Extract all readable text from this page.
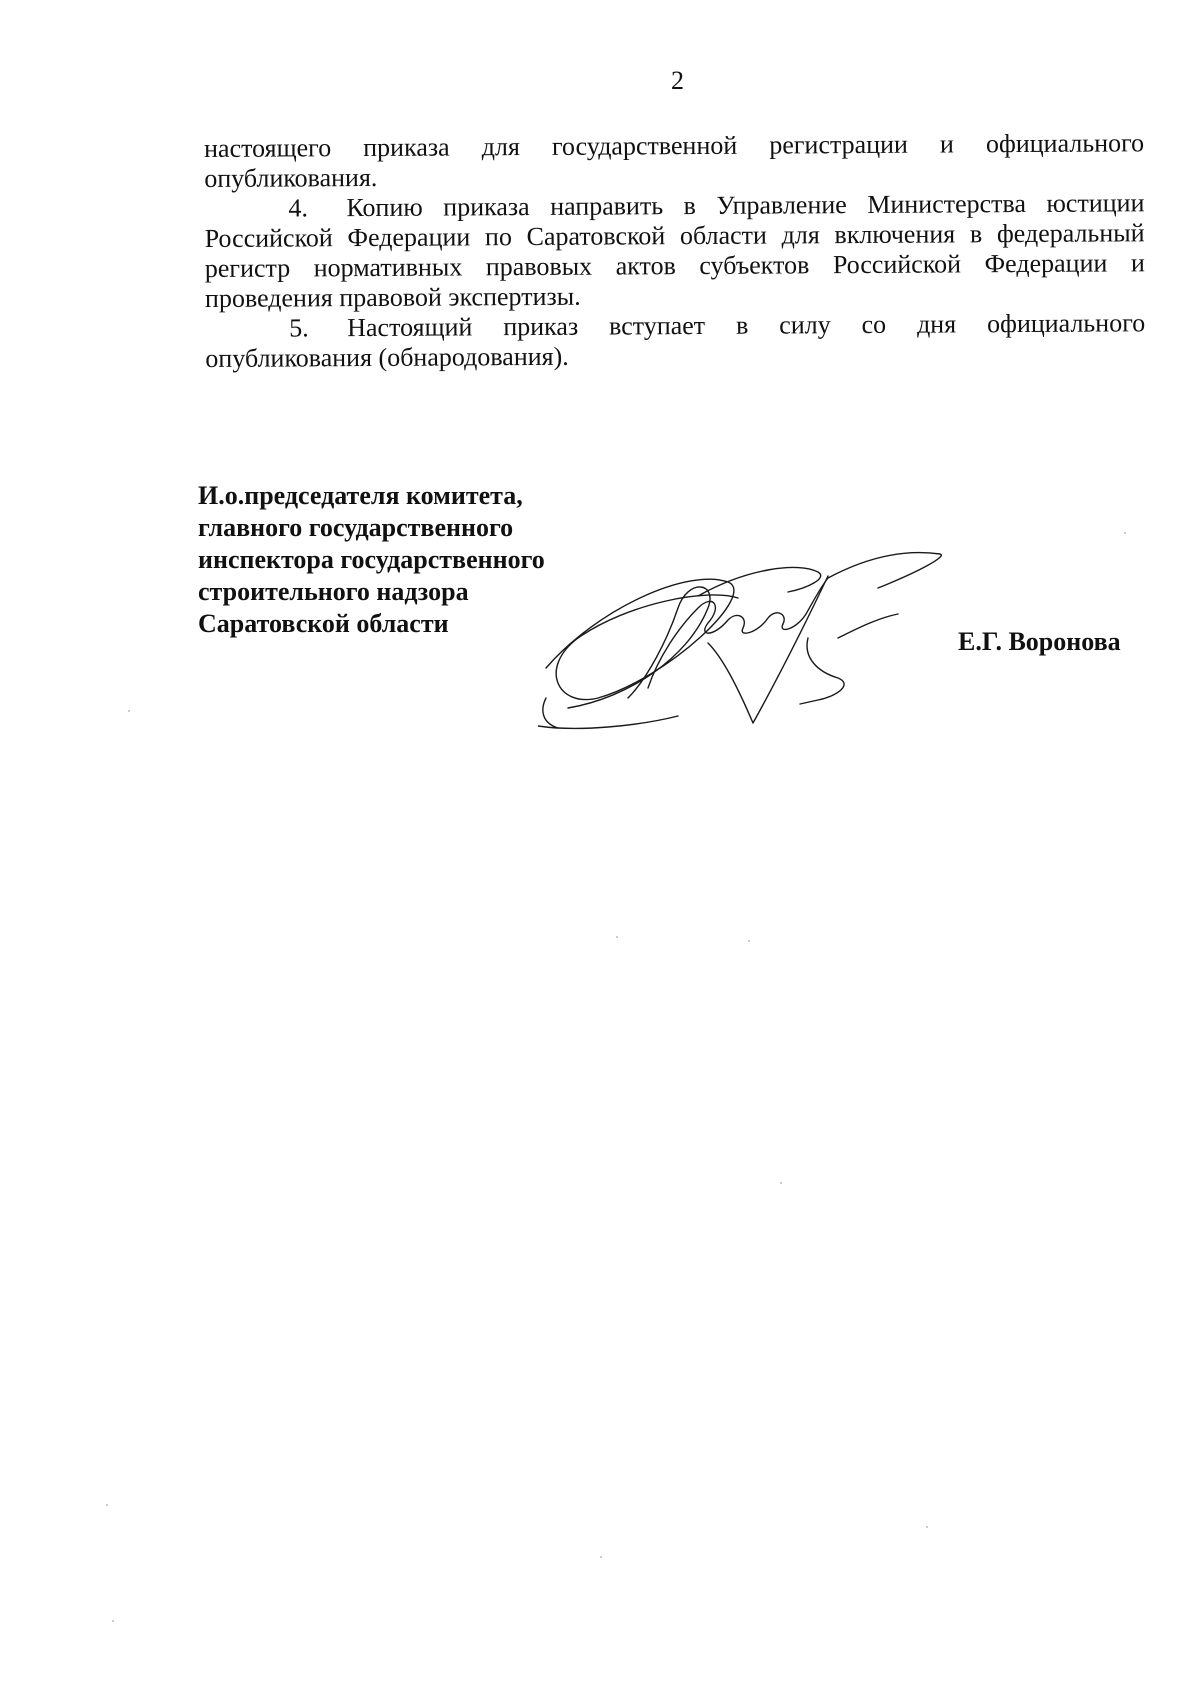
2

настоящего приказа для государственной регистрации и официального опубликования.

4. Копию приказа направить в Управление Министерства юстиции Российской Федерации по Саратовской области для включения в федеральный регистр нормативных правовых актов субъектов Российской Федерации и проведения правовой экспертизы.

5. Настоящий приказ вступает в силу со дня официального опубликования (обнародования).

И.о.председателя комитета,
главного государственного
инспектора государственного
строительного надзора
Саратовской области
Е.Г. Воронова
